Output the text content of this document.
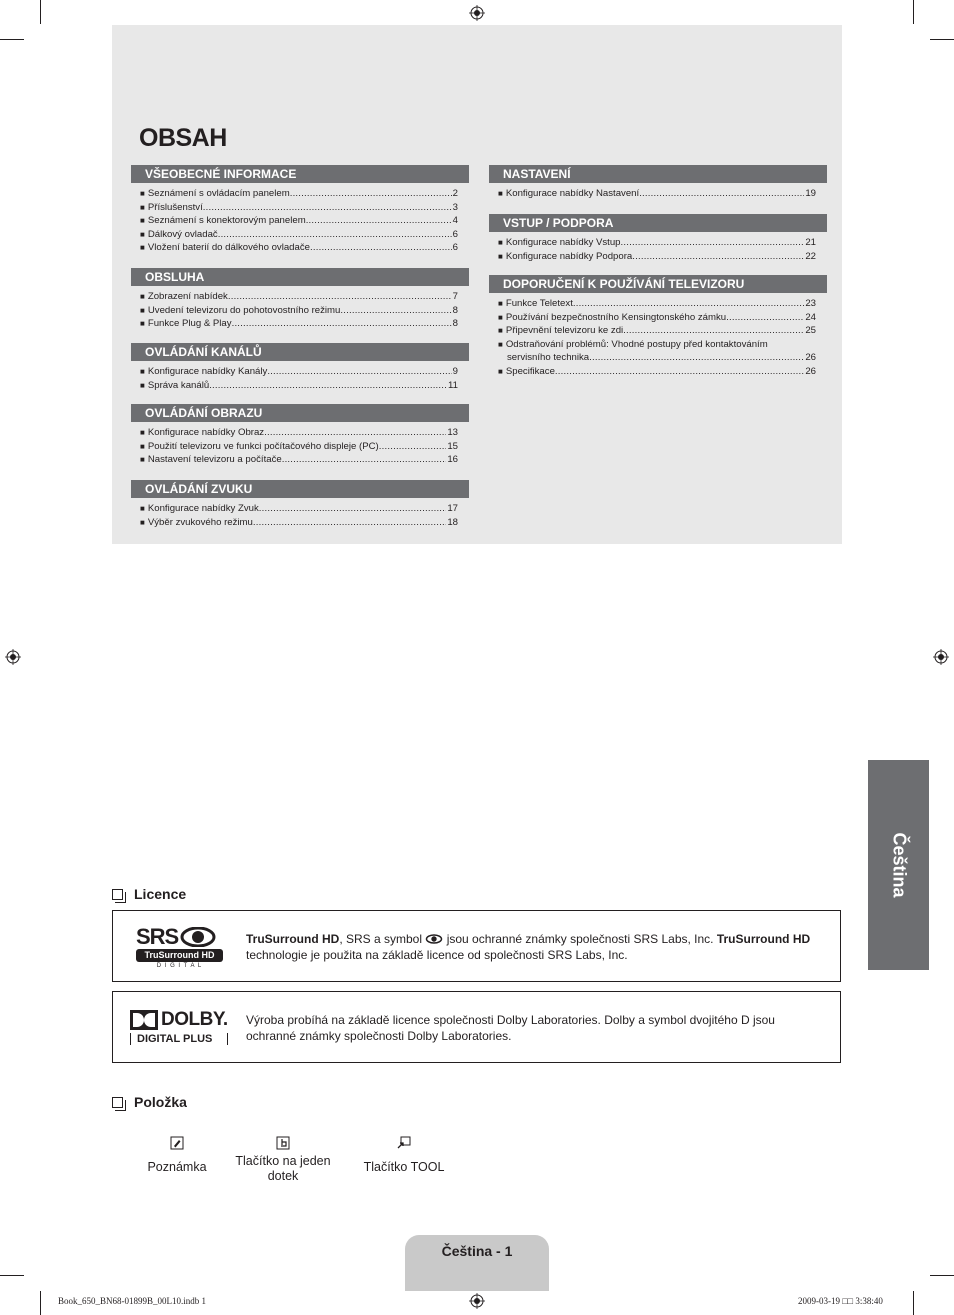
OBSAH
VŠEOBECNÉ INFORMACE
■ Seznámení s ovládacím panelem .....	2
■ Příslušenství .....	3
■ Seznámení s konektorovým panelem .....	4
■ Dálkový ovladač .....	6
■ Vložení baterií do dálkového ovladače .....	6
OBSLUHA
■ Zobrazení nabídek .....	7
■ Uvedení televizoru do pohotovostního režimu .....	8
■ Funkce Plug & Play .....	8
OVLÁDÁNÍ KANÁLŮ
■ Konfigurace nabídky Kanály .....	9
■ Správa kanálů .....	11
OVLÁDÁNÍ OBRAZU
■ Konfigurace nabídky Obraz .....	13
■ Použití televizoru ve funkci počítačového displeje (PC) .....	15
■ Nastavení televizoru a počítače .....	16
OVLÁDÁNÍ ZVUKU
■ Konfigurace nabídky Zvuk .....	17
■ Výběr zvukového režimu .....	18
NASTAVENÍ
■ Konfigurace nabídky Nastavení .....	19
VSTUP / PODPORA
■ Konfigurace nabídky Vstup .....	21
■ Konfigurace nabídky Podpora .....	22
DOPORUČENÍ K POUŽÍVÁNÍ TELEVIZORU
■ Funkce Teletext .....	23
■ Používání bezpečnostního Kensingtonského zámku .....	24
■ Připevnění televizoru ke zdi .....	25
■ Odstraňování problémů: Vhodné postupy před kontaktováním
servisního technika .....	26
■ Specifikace .....	26
Čeština
Licence
SRS
TruSurround HD
D I G I T A L
TruSurround HD, SRS a symbol  jsou ochranné známky společnosti SRS Labs, Inc. TruSurround HD technologie je použita na základě licence od společnosti SRS Labs, Inc.
DOLBY.
DIGITAL PLUS
Výroba probíhá na základě licence společnosti Dolby Laboratories. Dolby a symbol dvojitého D jsou ochranné známky společnosti Dolby Laboratories.
Položka
Poznámka	Tlačítko na jeden dotek
Tlačítko TOOL
Čeština - 1
Book_650_BN68-01899B_00L10.indb 1	2009-03-19 □□ 3:38:40
